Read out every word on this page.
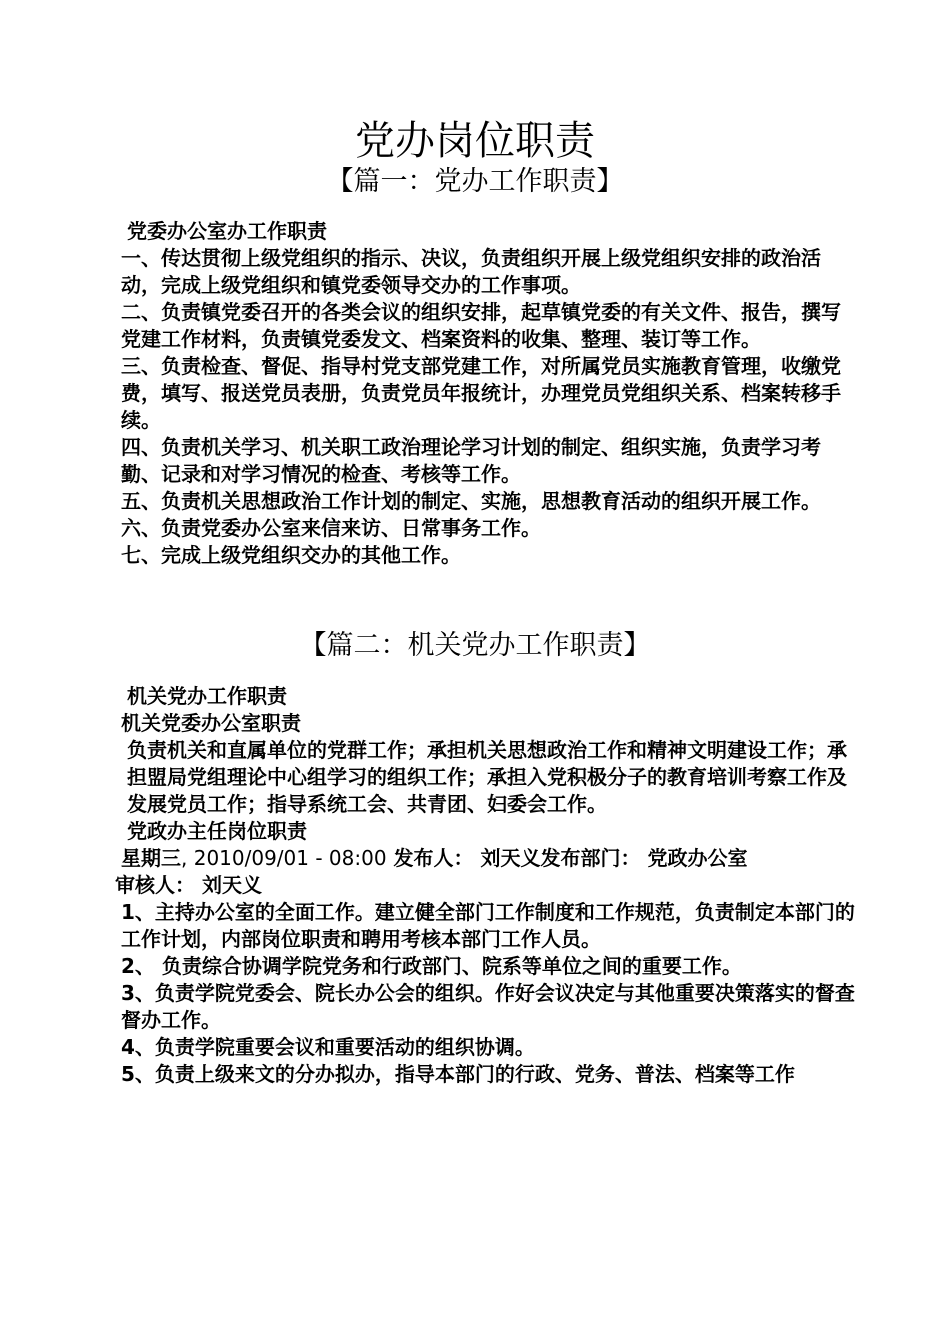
党办岗位职责
【篇一：党办工作职责】

党委办公室办工作职责

一、传达贯彻上级党组织的指示、决议，负责组织开展上级党组织安排的政治活动，完成上级党组织和镇党委领导交办的工作事项。

二、负责镇党委召开的各类会议的组织安排，起草镇党委的有关文件、报告，撰写党建工作材料，负责镇党委发文、档案资料的收集、整理、装订等工作。

三、负责检查、督促、指导村党支部党建工作，对所属党员实施教育管理，收缴党费，填写、报送党员表册，负责党员年报统计，办理党员党组织关系、档案转移手续。

四、负责机关学习、机关职工政治理论学习计划的制定、组织实施，负责学习考勤、记录和对学习情况的检查、考核等工作。

五、负责机关思想政治工作计划的制定、实施，思想教育活动的组织开展工作。

六、负责党委办公室来信来访、日常事务工作。

七、完成上级党组织交办的其他工作。

【篇二：机关党办工作职责】

机关党办工作职责

机关党委办公室职责

负责机关和直属单位的党群工作；承担机关思想政治工作和精神文明建设工作；承担盟局党组理论中心组学习的组织工作；承担入党积极分子的教育培训考察工作及发展党员工作；指导系统工会、共青团、妇委会工作。

党政办主任岗位职责

星期三, 2010/09/01 - 08:00 发布人： 刘天义发布部门： 党政办公室

审核人： 刘天义

1、主持办公室的全面工作。建立健全部门工作制度和工作规范，负责制定本部门的工作计划，内部岗位职责和聘用考核本部门工作人员。

2、 负责综合协调学院党务和行政部门、院系等单位之间的重要工作。

3、负责学院党委会、院长办公会的组织。作好会议决定与其他重要决策落实的督查

督办工作。

4、负责学院重要会议和重要活动的组织协调。

5、负责上级来文的分办拟办，指导本部门的行政、党务、普法、档案等工作
